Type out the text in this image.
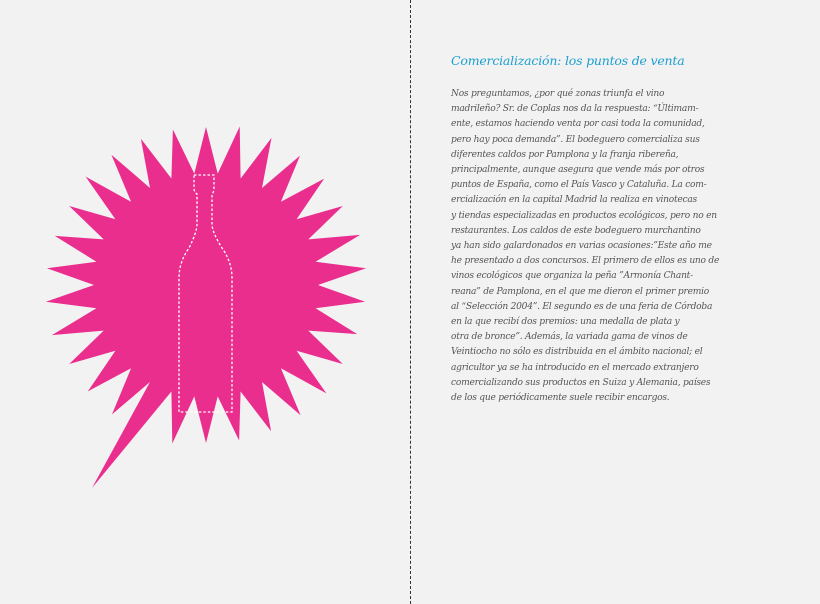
Comercialización: los puntos de venta
Nos preguntamos, ¿por qué zonas triunfa el vino
madrileño? Sr. de Coplas nos da la respuesta: “Últimam-
ente, estamos haciendo venta por casi toda la comunidad,
pero hay poca demanda”. El bodeguero comercializa sus
diferentes caldos por Pamplona y la franja ribereña,
principalmente, aunque asegura que vende más por otros
puntos de España, como el País Vasco y Cataluña. La com-
ercialización en la capital Madrid la realiza en vinotecas
y tiendas especializadas en productos ecológicos, pero no en
restaurantes. Los caldos de este bodeguero murchantino
ya han sido galardonados en varias ocasiones:”Este año me
he presentado a dos concursos. El primero de ellos es uno de
vinos ecológicos que organiza la peña ”Armonía Chant-
reana” de Pamplona, en el que me dieron el primer premio
al “Selección 2004”. El segundo es de una feria de Córdoba
en la que recibí dos premios: una medalla de plata y
otra de bronce”. Además, la variada gama de vinos de
Veintiocho no sólo es distribuida en el ámbito nacional; el
agricultor ya se ha introducido en el mercado extranjero
comercializando sus productos en Suiza y Alemania, países
de los que periódicamente suele recibir encargos.
